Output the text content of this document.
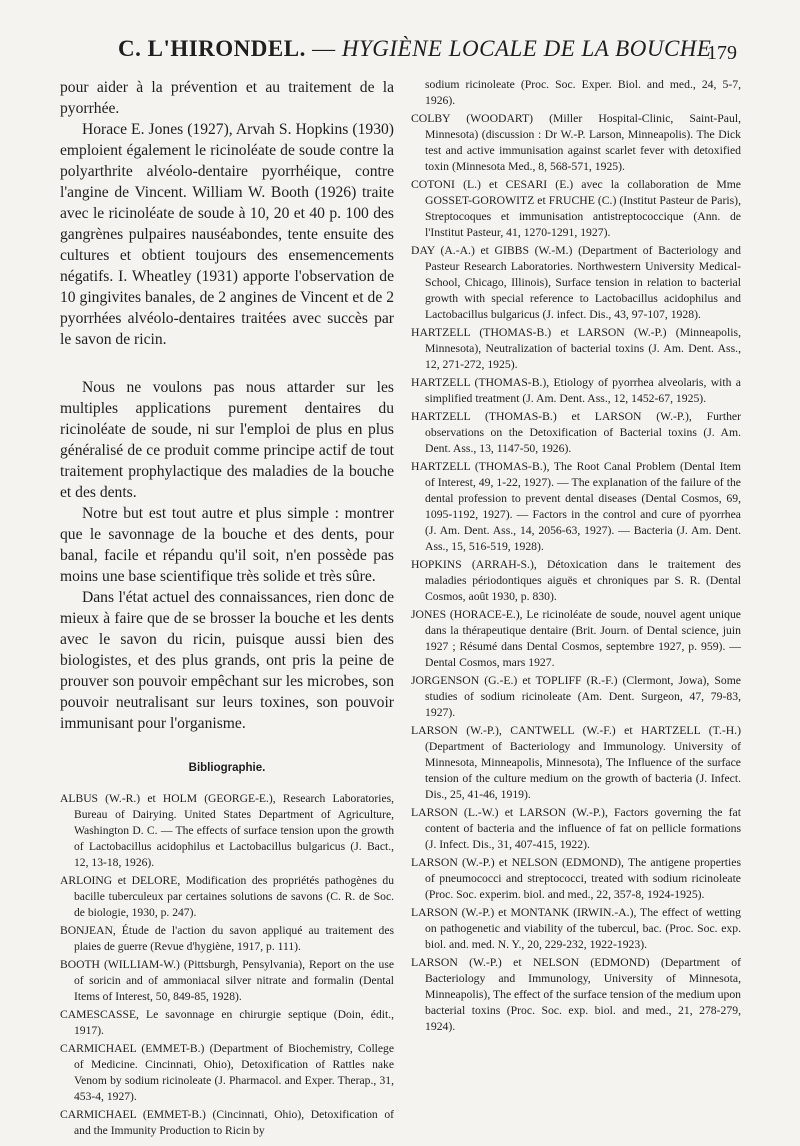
C. L'HIRONDEL. — HYGIÈNE LOCALE DE LA BOUCHE
179

pour aider à la prévention et au traitement de la pyorrhée.

Horace E. Jones (1927), Arvah S. Hopkins (1930) emploient également le ricinoléate de soude contre la polyarthrite alvéolo-dentaire pyorrhéique, contre l'angine de Vincent. William W. Booth (1926) traite avec le ricinoléate de soude à 10, 20 et 40 p. 100 des gangrènes pulpaires nauséabondes, tente ensuite des cultures et obtient toujours des ensemencements négatifs. I. Wheatley (1931) apporte l'observation de 10 gingivites banales, de 2 angines de Vincent et de 2 pyorrhées alvéolo-dentaires traitées avec succès par le savon de ricin.

Nous ne voulons pas nous attarder sur les multiples applications purement dentaires du ricinoléate de soude, ni sur l'emploi de plus en plus généralisé de ce produit comme principe actif de tout traitement prophylactique des maladies de la bouche et des dents.

Notre but est tout autre et plus simple : montrer que le savonnage de la bouche et des dents, pour banal, facile et répandu qu'il soit, n'en possède pas moins une base scientifique très solide et très sûre.

Dans l'état actuel des connaissances, rien donc de mieux à faire que de se brosser la bouche et les dents avec le savon du ricin, puisque aussi bien des biologistes, et des plus grands, ont pris la peine de prouver son pouvoir empêchant sur les microbes, son pouvoir neutralisant sur leurs toxines, son pouvoir immunisant pour l'organisme.

Bibliographie.

ALBUS (W.-R.) et HOLM (GEORGE-E.), Research Laboratories, Bureau of Dairying. United States Department of Agriculture, Washington D. C. — The effects of surface tension upon the growth of Lactobacillus acidophilus et Lactobacillus bulgaricus (J. Bact., 12, 13-18, 1926).

ARLOING et DELORE, Modification des propriétés pathogènes du bacille tuberculeux par certaines solutions de savons (C. R. de Soc. de biologie, 1930, p. 247).

BONJEAN, Étude de l'action du savon appliqué au traitement des plaies de guerre (Revue d'hygiène, 1917, p. 111).

BOOTH (WILLIAM-W.) (Pittsburgh, Pensylvania), Report on the use of soricin and of ammoniacal silver nitrate and formalin (Dental Items of Interest, 50, 849-85, 1928).

CAMESCASSE, Le savonnage en chirurgie septique (Doin, édit., 1917).

CARMICHAEL (EMMET-B.) (Department of Biochemistry, College of Medicine. Cincinnati, Ohio), Detoxification of Rattles nake Venom by sodium ricinoleate (J. Pharmacol. and Exper. Therap., 31, 453-4, 1927).

CARMICHAEL (EMMET-B.) (Cincinnati, Ohio), Detoxification of and the Immunity Production to Ricin by

sodium ricinoleate (Proc. Soc. Exper. Biol. and med., 24, 5-7, 1926).

COLBY (WOODART) (Miller Hospital-Clinic, Saint-Paul, Minnesota) (discussion : Dr W.-P. Larson, Minneapolis). The Dick test and active immunisation against scarlet fever with detoxified toxin (Minnesota Med., 8, 568-571, 1925).

COTONI (L.) et CESARI (E.) avec la collaboration de Mme GOSSET-GOROWITZ et FRUCHE (C.) (Institut Pasteur de Paris), Streptocoques et immunisation antistreptococcique (Ann. de l'Institut Pasteur, 41, 1270-1291, 1927).

DAY (A.-A.) et GIBBS (W.-M.) (Department of Bacteriology and Pasteur Research Laboratories. Northwestern University Medical-School, Chicago, Illinois), Surface tension in relation to bacterial growth with special reference to Lactobacillus acidophilus and Lactobacillus bulgaricus (J. infect. Dis., 43, 97-107, 1928).

HARTZELL (THOMAS-B.) et LARSON (W.-P.) (Minneapolis, Minnesota), Neutralization of bacterial toxins (J. Am. Dent. Ass., 12, 271-272, 1925).

HARTZELL (THOMAS-B.), Etiology of pyorrhea alveolaris, with a simplified treatment (J. Am. Dent. Ass., 12, 1452-67, 1925).

HARTZELL (THOMAS-B.) et LARSON (W.-P.), Further observations on the Detoxification of Bacterial toxins (J. Am. Dent. Ass., 13, 1147-50, 1926).

HARTZELL (THOMAS-B.), The Root Canal Problem (Dental Item of Interest, 49, 1-22, 1927). — The explanation of the failure of the dental profession to prevent dental diseases (Dental Cosmos, 69, 1095-1192, 1927). — Factors in the control and cure of pyorrhea (J. Am. Dent. Ass., 14, 2056-63, 1927). — Bacteria (J. Am. Dent. Ass., 15, 516-519, 1928).

HOPKINS (ARRAH-S.), Détoxication dans le traitement des maladies périodontiques aiguës et chroniques par S. R. (Dental Cosmos, août 1930, p. 830).

JONES (HORACE-E.), Le ricinoléate de soude, nouvel agent unique dans la thérapeutique dentaire (Brit. Journ. of Dental science, juin 1927 ; Résumé dans Dental Cosmos, septembre 1927, p. 959). — Dental Cosmos, mars 1927.

JORGENSON (G.-E.) et TOPLIFF (R.-F.) (Clermont, Jowa), Some studies of sodium ricinoleate (Am. Dent. Surgeon, 47, 79-83, 1927).

LARSON (W.-P.), CANTWELL (W.-F.) et HARTZELL (T.-H.) (Department of Bacteriology and Immunology. University of Minnesota, Minneapolis, Minnesota), The Influence of the surface tension of the culture medium on the growth of bacteria (J. Infect. Dis., 25, 41-46, 1919).

LARSON (L.-W.) et LARSON (W.-P.), Factors governing the fat content of bacteria and the influence of fat on pellicle formations (J. Infect. Dis., 31, 407-415, 1922).

LARSON (W.-P.) et NELSON (EDMOND), The antigene properties of pneumococci and streptococci, treated with sodium ricinoleate (Proc. Soc. experim. biol. and med., 22, 357-8, 1924-1925).

LARSON (W.-P.) et MONTANK (IRWIN.-A.), The effect of wetting on pathogenetic and viability of the tubercul, bac. (Proc. Soc. exp. biol. and. med. N. Y., 20, 229-232, 1922-1923).

LARSON (W.-P.) et NELSON (EDMOND) (Department of Bacteriology and Immunology, University of Minnesota, Minneapolis), The effect of the surface tension of the medium upon bacterial toxins (Proc. Soc. exp. biol. and med., 21, 278-279, 1924).
